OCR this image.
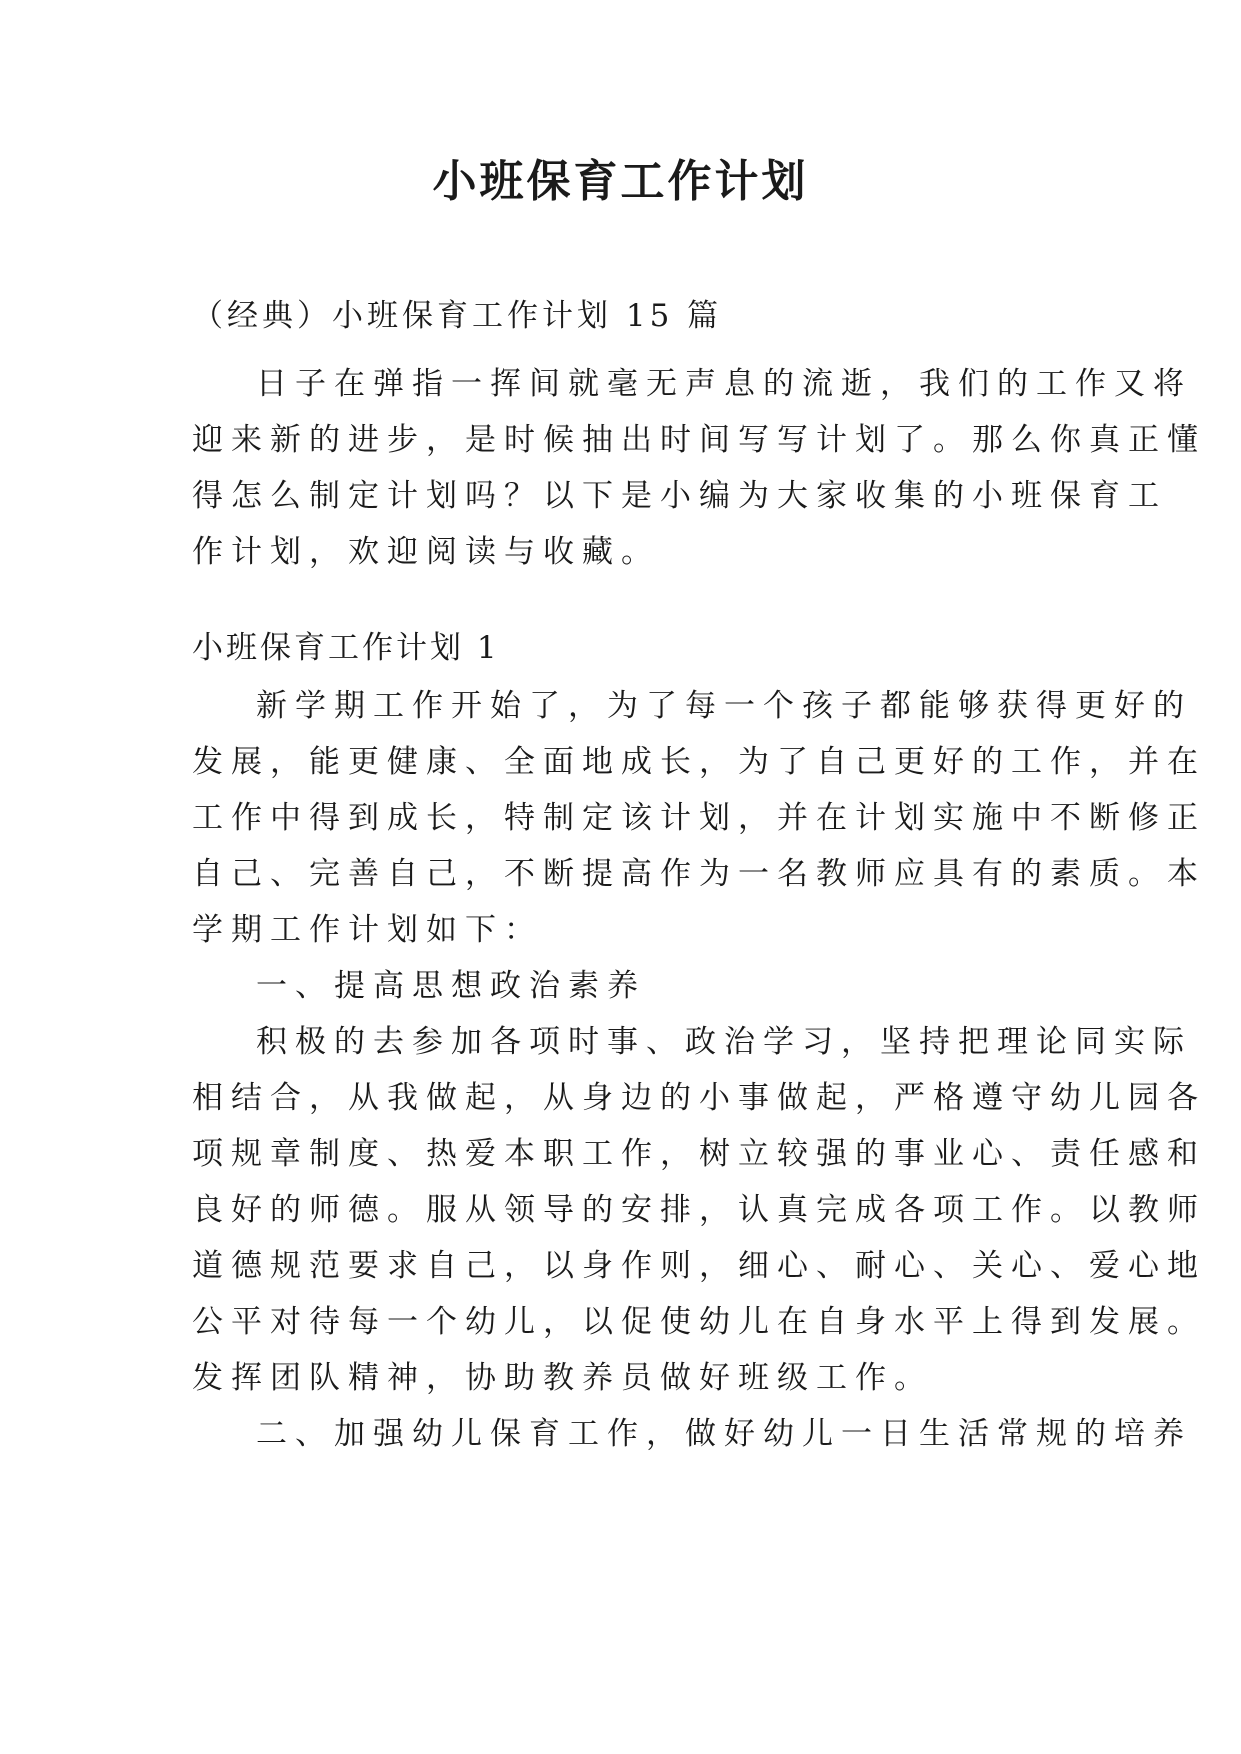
小班保育工作计划
（经典）小班保育工作计划 15 篇
日子在弹指一挥间就毫无声息的流逝，我们的工作又将
迎来新的进步，是时候抽出时间写写计划了。那么你真正懂
得怎么制定计划吗？以下是小编为大家收集的小班保育工
作计划，欢迎阅读与收藏。
小班保育工作计划 1
新学期工作开始了，为了每一个孩子都能够获得更好的
发展，能更健康、全面地成长，为了自己更好的工作，并在
工作中得到成长，特制定该计划，并在计划实施中不断修正
自己、完善自己，不断提高作为一名教师应具有的素质。本
学期工作计划如下：
一、提高思想政治素养
积极的去参加各项时事、政治学习，坚持把理论同实际
相结合，从我做起，从身边的小事做起，严格遵守幼儿园各
项规章制度、热爱本职工作，树立较强的事业心、责任感和
良好的师德。服从领导的安排，认真完成各项工作。以教师
道德规范要求自己，以身作则，细心、耐心、关心、爱心地
公平对待每一个幼儿，以促使幼儿在自身水平上得到发展。
发挥团队精神，协助教养员做好班级工作。
二、加强幼儿保育工作，做好幼儿一日生活常规的培养
